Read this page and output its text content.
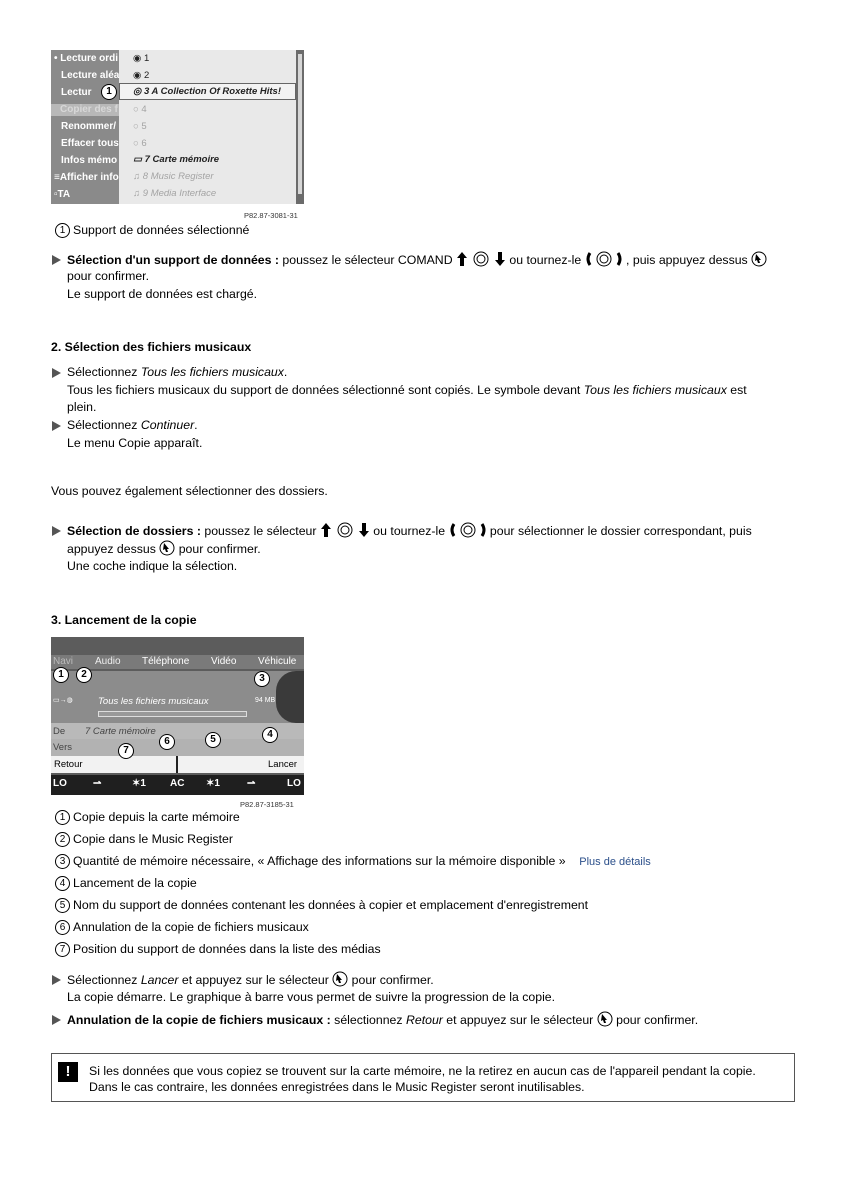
• Lecture ordi
Lecture aléa
Lectur
Copier des f
Renommer/
Effacer tous
Infos mémo
≡Afficher info
▫TA
◉ 1
◉ 2
◎ 3 A Collection Of Roxette Hits!
○ 4
○ 5
○ 6
▭ 7 Carte mémoire
♫ 8 Music Register
♫ 9 Media Interface
1
P82.87-3081-31
1 Support de données sélectionné
Sélection d'un support de données : poussez le sélecteur COMAND	ou tournez-le	, puis appuyez dessus
pour confirmer.
Le support de données est chargé.
2. Sélection des fichiers musicaux
Sélectionnez Tous les fichiers musicaux.
Tous les fichiers musicaux du support de données sélectionné sont copiés. Le symbole devant Tous les fichiers musicaux est
plein.
Sélectionnez Continuer.
Le menu Copie apparaît.
Vous pouvez également sélectionner des dossiers.
Sélection de dossiers : poussez le sélecteur	ou tournez-le	pour sélectionner le dossier correspondant, puis
appuyez dessus  pour confirmer.
Une coche indique la sélection.
3. Lancement de la copie
Navi Audio Téléphone Vidéo Véhicule
▭→◍	Tous les fichiers musicaux	94 MB
De 7 Carte mémoire
Vers
Retour	Lancer
LO	⇀	✶1 AC ✶1	⇀	LO
1	2	3
4
5
6
7
P82.87-3185-31
1 Copie depuis la carte mémoire
2 Copie dans le Music Register
3 Quantité de mémoire nécessaire, « Affichage des informations sur la mémoire disponible » Plus de détails
4 Lancement de la copie
5 Nom du support de données contenant les données à copier et emplacement d'enregistrement
6 Annulation de la copie de fichiers musicaux
7 Position du support de données dans la liste des médias
Sélectionnez Lancer et appuyez sur le sélecteur  pour confirmer.
La copie démarre. Le graphique à barre vous permet de suivre la progression de la copie.
Annulation de la copie de fichiers musicaux : sélectionnez Retour et appuyez sur le sélecteur  pour confirmer.
!	Si les données que vous copiez se trouvent sur la carte mémoire, ne la retirez en aucun cas de l'appareil pendant la copie.
Dans le cas contraire, les données enregistrées dans le Music Register seront inutilisables.
